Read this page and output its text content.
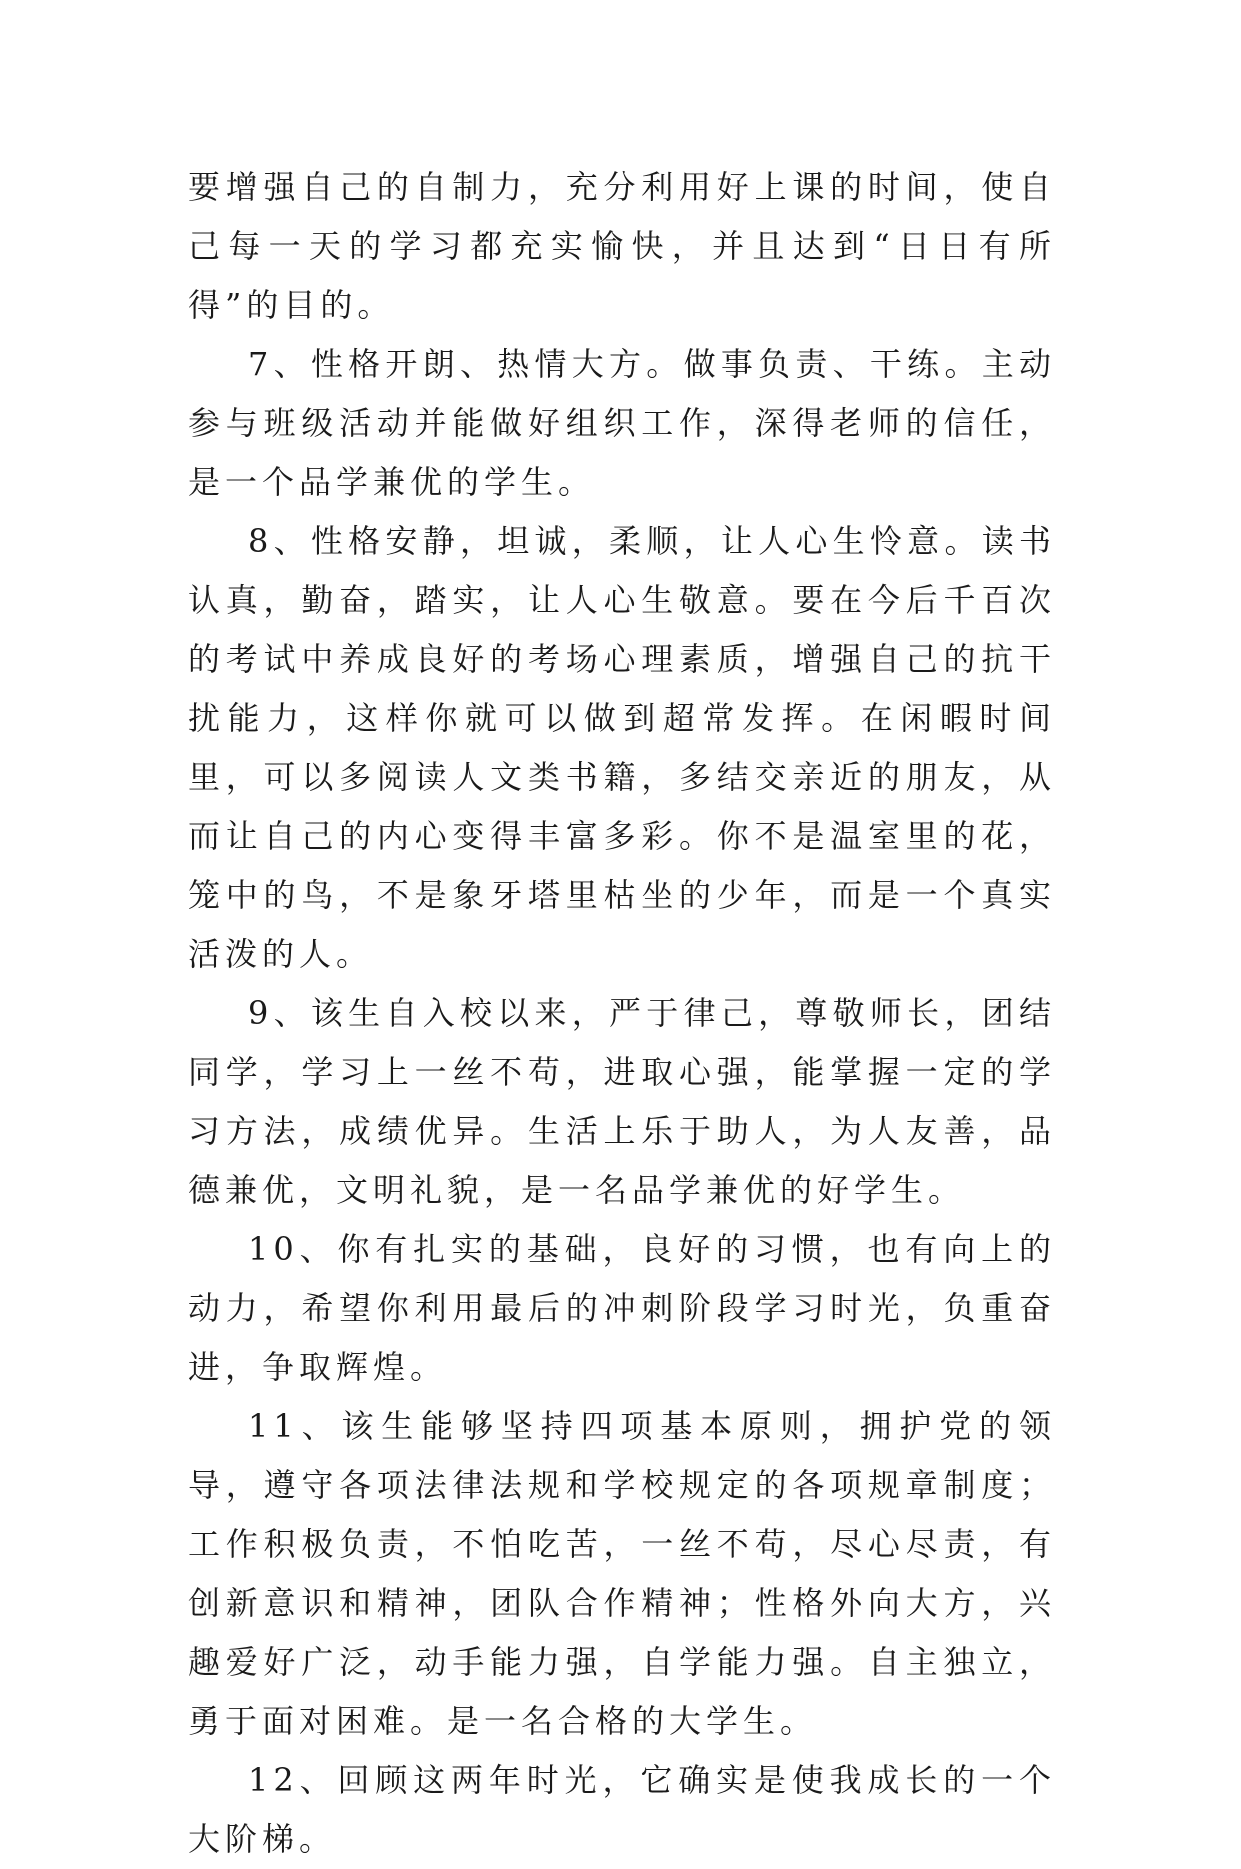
要增强自己的自制力，充分利用好上课的时间，使自己每一天的学习都充实愉快，并且达到“日日有所得”的目的。

7、性格开朗、热情大方。做事负责、干练。主动参与班级活动并能做好组织工作，深得老师的信任，是一个品学兼优的学生。

8、性格安静，坦诚，柔顺，让人心生怜意。读书认真，勤奋，踏实，让人心生敬意。要在今后千百次的考试中养成良好的考场心理素质，增强自己的抗干扰能力，这样你就可以做到超常发挥。在闲暇时间里，可以多阅读人文类书籍，多结交亲近的朋友，从而让自己的内心变得丰富多彩。你不是温室里的花，笼中的鸟，不是象牙塔里枯坐的少年，而是一个真实活泼的人。

9、该生自入校以来，严于律己，尊敬师长，团结同学，学习上一丝不苟，进取心强，能掌握一定的学习方法，成绩优异。生活上乐于助人，为人友善，品德兼优，文明礼貌，是一名品学兼优的好学生。

10、你有扎实的基础，良好的习惯，也有向上的动力，希望你利用最后的冲刺阶段学习时光，负重奋进，争取辉煌。

11、该生能够坚持四项基本原则，拥护党的领导，遵守各项法律法规和学校规定的各项规章制度；工作积极负责，不怕吃苦，一丝不苟，尽心尽责，有创新意识和精神，团队合作精神；性格外向大方，兴趣爱好广泛，动手能力强，自学能力强。自主独立，勇于面对困难。是一名合格的大学生。

12、回顾这两年时光，它确实是使我成长的一个大阶梯。
